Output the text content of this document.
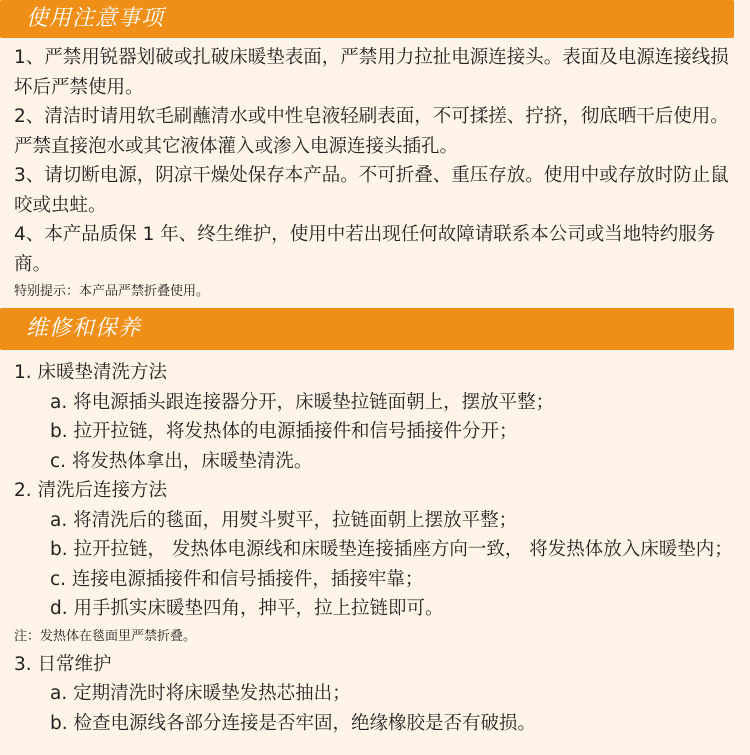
使用注意事项

1、严禁用锐器划破或扎破床暖垫表面，严禁用力拉扯电源连接头。表面及电源连接线损坏后严禁使用。

2、清洁时请用软毛刷蘸清水或中性皂液轻刷表面，不可揉搓、拧挤，彻底晒干后使用。严禁直接泡水或其它液体灌入或渗入电源连接头插孔。

3、请切断电源，阴凉干燥处保存本产品。不可折叠、重压存放。使用中或存放时防止鼠咬或虫蛀。

4、本产品质保 1 年、终生维护，使用中若出现任何故障请联系本公司或当地特约服务商。

特别提示：本产品严禁折叠使用。

维修和保养

1. 床暖垫清洗方法

a. 将电源插头跟连接器分开，床暖垫拉链面朝上，摆放平整；

b. 拉开拉链，将发热体的电源插接件和信号插接件分开；

c. 将发热体拿出，床暖垫清洗。

2. 清洗后连接方法

a. 将清洗后的毯面，用熨斗熨平，拉链面朝上摆放平整；

b. 拉开拉链， 发热体电源线和床暖垫连接插座方向一致， 将发热体放入床暖垫内；

c. 连接电源插接件和信号插接件，插接牢靠；

d. 用手抓实床暖垫四角，抻平，拉上拉链即可。

注：发热体在毯面里严禁折叠。

3. 日常维护

a. 定期清洗时将床暖垫发热芯抽出；

b. 检查电源线各部分连接是否牢固，绝缘橡胶是否有破损。
